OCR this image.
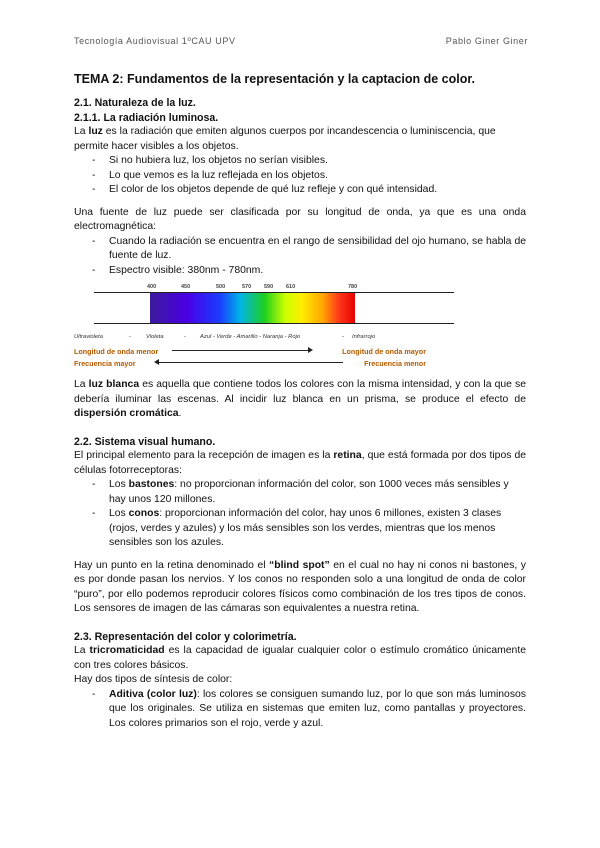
Tecnología Audiovisual 1ºCAU UPV	Pablo Giner Giner
TEMA 2: Fundamentos de la representación y la captacion de color.
2.1. Naturaleza de la luz.
2.1.1. La radiación luminosa.

La luz es la radiación que emiten algunos cuerpos por incandescencia o luminiscencia, que permite hacer visibles a los objetos.

- Si no hubiera luz, los objetos no serían visibles.
- Lo que vemos es la luz reflejada en los objetos.
- El color de los objetos depende de qué luz refleje y con qué intensidad.

Una fuente de luz puede ser clasificada por su longitud de onda, ya que es una onda electromagnética:

- Cuando la radiación se encuentra en el rango de sensibilidad del ojo humano, se habla de fuente de luz.
- Espectro visible: 380nm - 780nm.
400	450	500	570 590 610	780
Ultravioleta	-	Violeta	- Azul - Verde - Amarillo - Naranja - Rojo	- Infrarrojo
Longitud de onda menor	Longitud de onda mayor
Frecuencia mayor	Frecuencia menor

La luz blanca es aquella que contiene todos los colores con la misma intensidad, y con la que se debería iluminar las escenas. Al incidir luz blanca en un prisma, se produce el efecto de dispersión cromática.

2.2. Sistema visual humano.

El principal elemento para la recepción de imagen es la retina, que está formada por dos tipos de células fotorreceptoras:

- Los bastones: no proporcionan información del color, son 1000 veces más sensibles y hay unos 120 millones.
- Los conos: proporcionan información del color, hay unos 6 millones, existen 3 clases (rojos, verdes y azules) y los más sensibles son los verdes, mientras que los menos sensibles son los azules.

Hay un punto en la retina denominado el “blind spot” en el cual no hay ni conos ni bastones, y es por donde pasan los nervios. Y los conos no responden solo a una longitud de onda de color “puro”, por ello podemos reproducir colores físicos como combinación de los tres tipos de conos. Los sensores de imagen de las cámaras son equivalentes a nuestra retina.

2.3. Representación del color y colorimetría.

La tricromaticidad es la capacidad de igualar cualquier color o estímulo cromático únicamente con tres colores básicos.

Hay dos tipos de síntesis de color:

- Aditiva (color luz): los colores se consiguen sumando luz, por lo que son más luminosos que los originales. Se utiliza en sistemas que emiten luz, como pantallas y proyectores. Los colores primarios son el rojo, verde y azul.
